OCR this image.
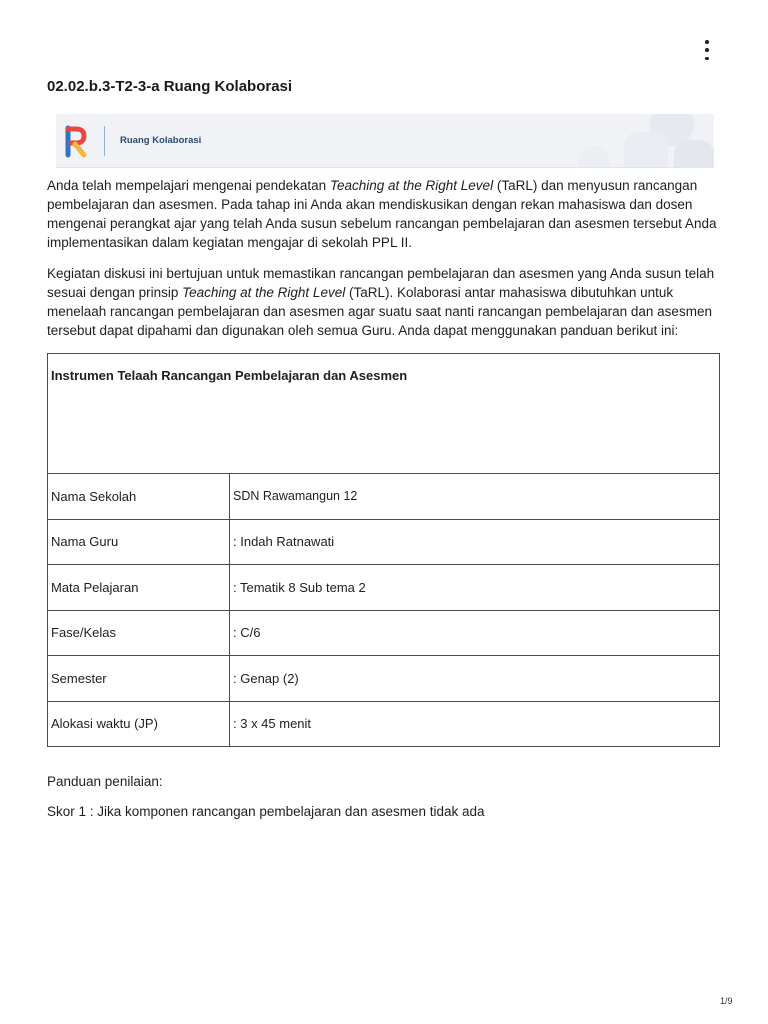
02.02.b.3-T2-3-a Ruang Kolaborasi
Ruang Kolaborasi

Anda telah mempelajari mengenai pendekatan Teaching at the Right Level (TaRL) dan menyusun rancangan pembelajaran dan asesmen. Pada tahap ini Anda akan mendiskusikan dengan rekan mahasiswa dan dosen mengenai perangkat ajar yang telah Anda susun sebelum rancangan pembelajaran dan asesmen tersebut Anda implementasikan dalam kegiatan mengajar di sekolah PPL II.

Kegiatan diskusi ini bertujuan untuk memastikan rancangan pembelajaran dan asesmen yang Anda susun telah sesuai dengan prinsip Teaching at the Right Level (TaRL). Kolaborasi antar mahasiswa dibutuhkan untuk menelaah rancangan pembelajaran dan asesmen agar suatu saat nanti rancangan pembelajaran dan asesmen tersebut dapat dipahami dan digunakan oleh semua Guru. Anda dapat menggunakan panduan berikut ini:

Instrumen Telaah Rancangan Pembelajaran dan Asesmen	
Nama Sekolah	SDN Rawamangun 12
Nama Guru	: Indah Ratnawati
Mata Pelajaran	: Tematik 8 Sub tema 2
Fase/Kelas	: C/6
Semester	: Genap (2)
Alokasi waktu (JP)	: 3 x 45 menit

Panduan penilaian:

Skor 1 : Jika komponen rancangan pembelajaran dan asesmen tidak ada

1/9
